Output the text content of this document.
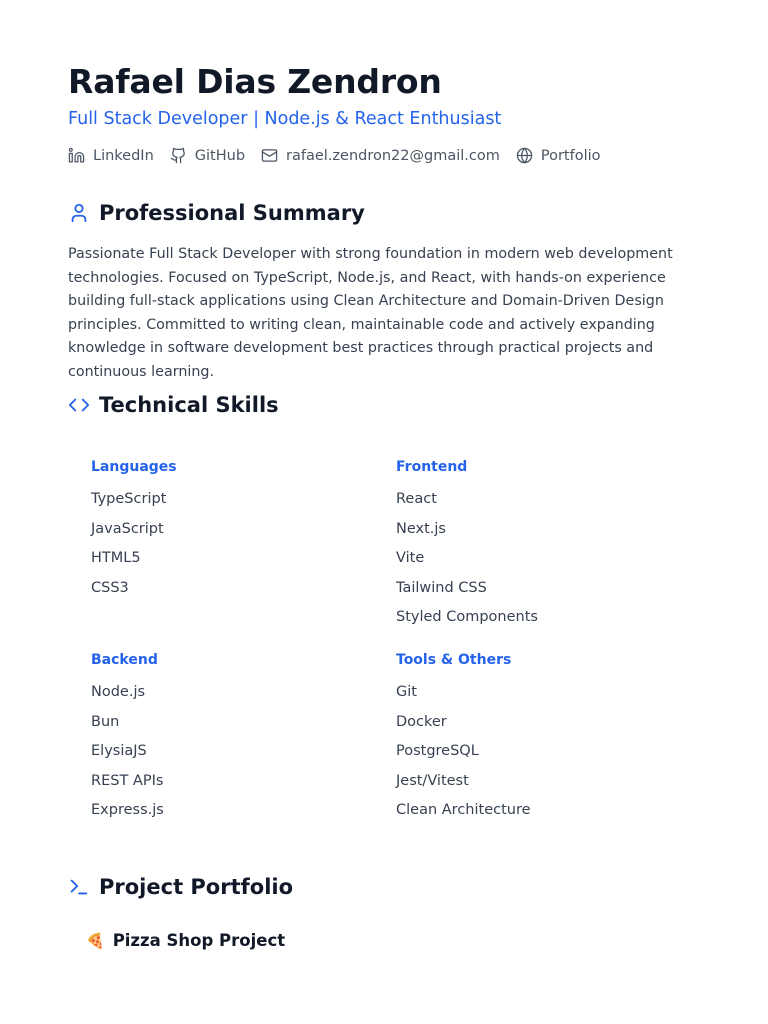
Rafael Dias Zendron
Full Stack Developer | Node.js & React Enthusiast
LinkedIn	GitHub	rafael.zendron22@gmail.com	Portfolio
Professional Summary

Passionate Full Stack Developer with strong foundation in modern web development technologies. Focused on TypeScript, Node.js, and React, with hands-on experience building full-stack applications using Clean Architecture and Domain-Driven Design principles. Committed to writing clean, maintainable code and actively expanding knowledge in software development best practices through practical projects and continuous learning.

Technical Skills
Languages
TypeScript
JavaScript
HTML5
CSS3
Frontend
React
Next.js
Vite
Tailwind CSS
Styled Components
Backend
Node.js
Bun
ElysiaJS
REST APIs
Express.js
Tools & Others
Git
Docker
PostgreSQL
Jest/Vitest
Clean Architecture
Project Portfolio
🍕 Pizza Shop Project
